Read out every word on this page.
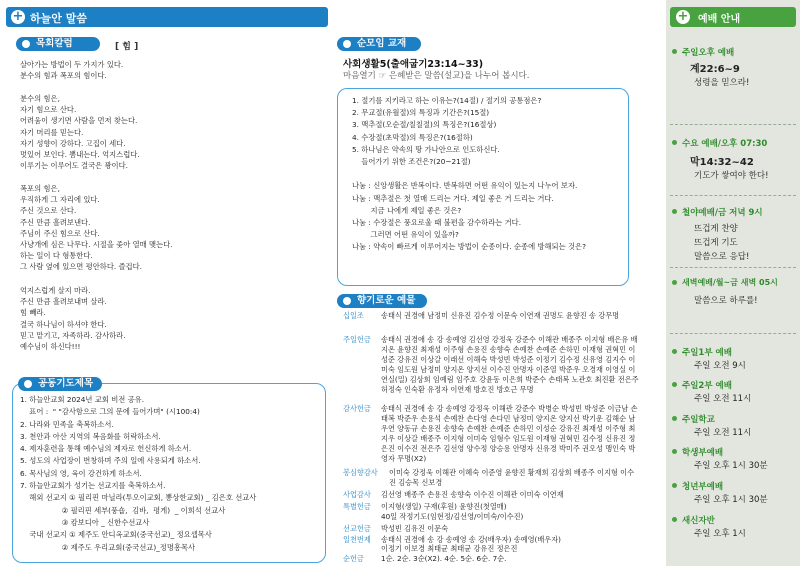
+ 하늘안 말씀
목회칼럼	[ 힘 ]
살아가는 방법이 두 가지가 있다.
분수의 힘과 폭포의 힘이다.
분수의 힘은,
자기 힘으로 산다.
어려움이 생기면 사람을 먼저 찾는다.
자기 머리를 믿는다.
자기 성향이 강하다. 고집이 세다.
멋있어 보인다. 뽐내는다. 억지스럽다.
이루기는 이루어도 결국은 꽝이다.
폭포의 힘은,
우직하게 그 자리에 있다.
주신 것으로 산다.
주신 만큼 흘려보낸다.
주님이 주신 힘으로 산다.
사냥개에 심은 나무다. 시절을 좇아 열매 맺는다.
하는 일이 다 형통한다.
그 사람 옆에 있으면 평안하다. 즐겁다.
억지스럽게 살지 마라.
주신 만큼 흘려보내며 살라.
힘 빼라.
결국 하나님이 하셔야 한다.
믿고 맡기고, 자족하라. 감사하라.
예수님이 하신다!!!
공동기도제목
1. 하늘안교회 2024년 교회 비전 공유.
표어 :  " "감사함으로 그의 문에 들어가며" (시100:4)
2. 나라와 민족을 축복하소서.
3. 천안과 아산 지역의 복음화를 허락하소서.
4. 제자훈련을 통해 예수님의 제자로 헌신하게 하소서.
5. 성도의 사업장이 번창하며 주의 일에 사용되게 하소서.
6. 목사님의 영, 육이 강건하게 하소서.
7. 하늘안교회가 성기는 선교지를 축복하소서.
해외 선교지 ① 필리핀 마닐라(투오이교회, 뽕상한교회) _ 김은호 선교사
② 필리핀 세부(풍숍,  김바,  평게)  _ 이희석 선교사
③ 캄보디아 _ 신한수선교사
국내 선교지 ① 제주도 안디옥교회(중국선교)_ 정요셉목사
② 제주도 우리교회(중국선교)_정명흥목사
순모임 교재
사회생활5(출애굽기23:14~33)
마음열기 ☞ 은혜받은 말씀(설교)을 나누어 봅시다.
1. 절기를 지키라고 하는 이유는?(14절) / 절기의 공통점은?
2. 무교절(유월절)의 특징과 기간은?(15절)
3. 맥추절(오순절/칠칠절)의 특징은?(16절상)
4. 수장절(초막절)의 특징은?(16절하)
5. 하나님은 약속의 땅 가나안으로 인도하신다.
들어가기 위한 조건은?(20~21절)

나눔 : 신앙생활은 반복이다. 반복하면 어떤 유익이 있는지 나누어 보자.
나눔 : 맥추절은 첫 열매 드리는 거다. 제일 좋은 거 드리는 거다.
지금 나에게 제일 좋은 것은?
나눔 : 수장절은 풍요로울 때 불편을 감수하라는 거다.
그러면 어떤 유익이 있을까?
나눔 : 약속이 빠르게 이루어지는 방법이 순종이다. 순종에 방해되는 것은?
향기로운 예물
십일조 송태식 권경애 남정미 신유진 김수정 이문숙 이연재 권명도 윤향진 송 강무명
주일헌금 송태식 권경애 송 강 송예영 김선영 강정욱 강준수 이해관 배종주 이지형 배은유 배지온 윤향진 최재성 이주형 손용진 송향숙 손예찬 손예준 손하민 이재형 권혁민 이성준 강유진 이상갈 이래선 이해숙 박성빈 박성준 이정기 김수정 신유영 김지수 이미숙 임도원 남정미 양지온 양지선 이수진 안명자 이준열 박준우 오경재 이영실 이연실(밀) 김상희 임예림 임주호 강윤동 이은희 박준수 손태복 노관호 최진환 전은주 허정숙 인숙환 유정자 이연재 방호진 방호근 무명
감사헌금 송태식 권경애 송 강 송예영 강정욱 이해관 강준수 박병순 박성빈 박성준 이금남 손태복 박준우 손용석 손예찬 손다영 손다민 남정미 양지온 양지선 박기운 김해순 남우연 양동규 손용진 송향숙 손예찬 손예준 손하민 이성순 강유진 최재성 이주형 최지우 이상갈 배종주 이지형 이미숙 임형수 임도원 이재형 권혁민 김수정 신유진 정은진 이수진 전은주 김선영 양수정 양승용 안명자 신유경 박미주 권오성 맹인숙 박영자 무명(X2)
봉심향감사 이미숙 강정욱 이해관 이혜숙 이준영 윤향진 황재희 김상희 배종주 이지형 이수진 김승목 신보경
사업감사 김선영 배종주 손용진 송향숙 이수진 이해관 이미숙 이연재

특별헌금 이지형(생일) 구재(후원) 윤향진(첫열매)
40일 작정기도(임현정/김선영/이미숙/이수진)

선교헌금 박성빈 김유진 이문숙

일천번제 송태식 권경애 송 강 송예영 송 강(배우자) 송예영(배우자)
이정기 이보경 최태균 최태균 강유진 정은진

순헌금 1순. 2순. 3순(X2). 4순. 5순. 6순. 7순.
+ 예배 안내
주일오후 예배
계22:6~9
성령을 믿으라!
수요 예배/오후 07:30
막14:32~42
기도가 쌓여야 한다!
철야예배/금 저녁 9시
뜨겁게 찬양
뜨겁게 기도
말씀으로 응답!
새벽예배/월~금 새벽 05시
말씀으로 하루를!
주일1부 예배
주일 오전 9시
주일2부 예배
주일 오전 11시
주일학교
주일 오전 11시
학생부예배
주일 오후 1시 30분
청년부예배
주일 오후 1시 30분
새신자반
주일 오후 1시
